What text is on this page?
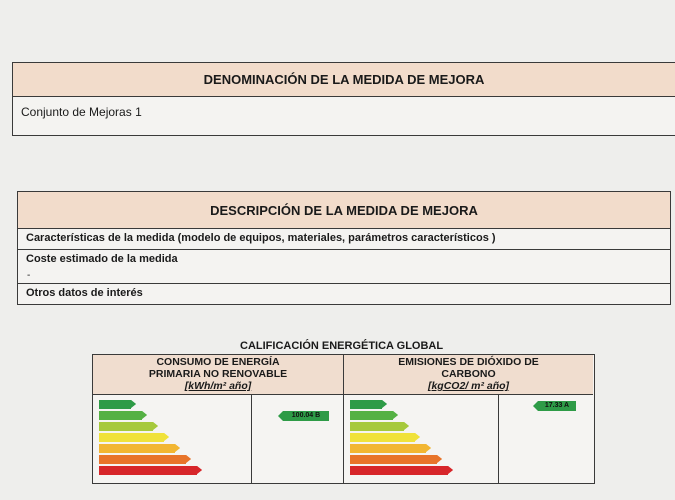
DENOMINACIÓN DE LA MEDIDA DE MEJORA
Conjunto de Mejoras 1
DESCRIPCIÓN DE LA MEDIDA DE MEJORA
Características de la medida (modelo de equipos, materiales, parámetros característicos )
Coste estimado de la medida
-
Otros datos de interés
CALIFICACIÓN ENERGÉTICA GLOBAL
CONSUMO DE ENERGÍA
PRIMARIA NO RENOVABLE
[kWh/m² año]
100.04 B
EMISIONES DE DIÓXIDO DE
CARBONO
[kgCO2/ m² año]
17.33 A
